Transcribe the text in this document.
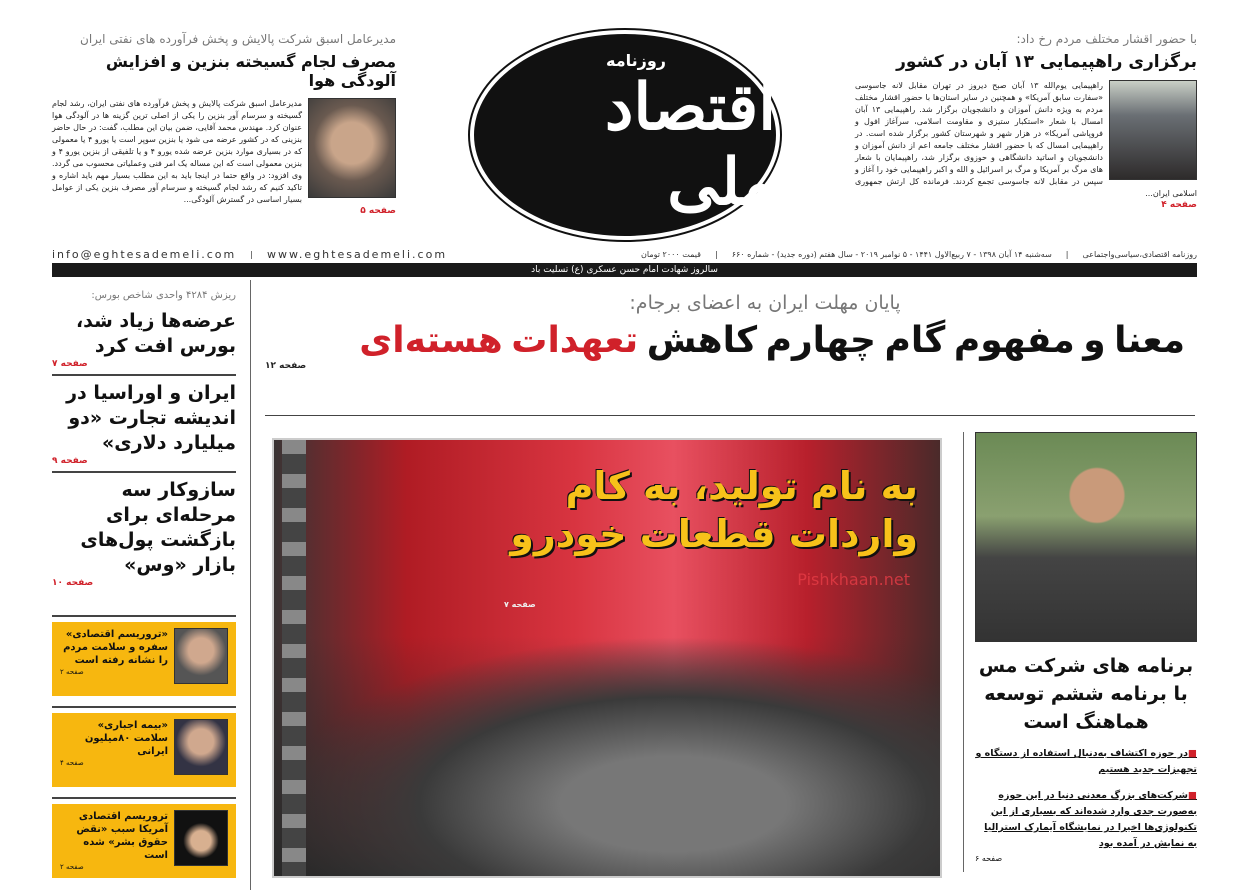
روزنامه
اقتصاد ملی
با حضور اقشار مختلف مردم رخ داد:
برگزاری راهپیمایی ۱۳ آبان در کشور
راهپیمایی یوم‌الله ۱۳ آبان صبح دیروز در تهران مقابل لانه جاسوسی «سفارت سابق آمریکا» و همچنین در سایر استان‌ها با حضور اقشار مختلف مردم به ویژه دانش آموزان و دانشجویان برگزار شد. راهپیمایی ۱۳ آبان امسال با شعار «استکبار ستیزی و مقاومت اسلامی، سرآغاز افول و فروپاشی آمریکا» در هزار شهر و شهرستان کشور برگزار شده است. در راهپیمایی امسال که با حضور اقشار مختلف جامعه اعم از دانش آموزان و دانشجویان و اساتید دانشگاهی و حوزوی برگزار شد، راهپیمایان با شعار های مرگ بر آمریکا و مرگ بر اسرائیل و الله و اکبر راهپیمایی خود را آغاز و سپس در مقابل لانه جاسوسی تجمع کردند. فرمانده کل ارتش جمهوری اسلامی ایران...
صفحه ۴
مدیرعامل اسبق شرکت پالایش و پخش فرآورده های نفتی ایران
مصرف لجام گسیخته بنزین و افزایش آلودگی هوا
مدیرعامل اسبق شرکت پالایش و پخش فرآورده های نفتی ایران، رشد لجام گسیخته و سرسام آور بنزین را یکی از اصلی ترین گزینه ها در آلودگی هوا عنوان کرد. مهندس محمد آقایی، ضمن بیان این مطلب، گفت: در حال حاضر بنزینی که در کشور عرضه می شود یا بنزین سوپر است یا یورو ۴ یا معمولی که در بسیاری موارد بنزین عرضه شده یورو ۴ و یا تلفیقی از بنزین یورو ۴ و بنزین معمولی است که این مساله یک امر فنی وعملیاتی محسوب می گردد. وی افزود: در واقع حتما در اینجا باید به این مطلب بسیار مهم باید اشاره و تاکید کنیم که رشد لجام گسیخته و سرسام آور مصرف بنزین یکی از عوامل بسیار اساسی در گسترش آلودگی...
صفحه ۵
روزنامه اقتصادی،سیاسی‌واجتماعی
|
سه‌شنبه ۱۴ آبان ۱۳۹۸ - ۷ ربیع‌الاول ۱۴۴۱ - ۵ نوامبر ۲۰۱۹ - سال هفتم (دوره جدید) - شماره ۶۶۰
|
قیمت ۲۰۰۰ تومان
www.eghtesademeli.com
|
info@eghtesademeli.com
سالروز شهادت امام حسن عسکری (ع) تسلیت باد
پایان مهلت ایران به اعضای برجام:
معنا و مفهوم گام چهارم کاهش تعهدات هسته‌ای
صفحه ۱۲
به نام تولید، به کام
واردات قطعات خودرو
Pishkhaan.net
صفحه ۷
برنامه های شرکت مس با برنامه ششم توسعه هماهنگ است
■در حوزه اکتشاف به‌دنبال استفاده از دستگاه و تجهیزات جدید هستیم
■شرکت‌های بزرگ معدنی دنیا در این حوزه به‌صورت جدی وارد شده‌اند که بسیاری از این تکنولوژی‌ها اخیرا در نمایشگاه آیمارک استرالیا به نمایش در آمده بود
صفحه ۶
ریزش ۴۲۸۴ واحدی شاخص بورس:
عرضه‌ها زیاد شد، بورس افت کرد
صفحه ۷
ایران و اوراسیا در اندیشه تجارت «دو میلیارد دلاری»
صفحه ۹
سازوکار سه مرحله‌ای برای بازگشت پول‌های بازار «وس»
صفحه ۱۰
«تروریسم اقتصادی» سفره و سلامت مردم را نشانه رفته است
صفحه ۲
«بیمه اجباری» سلامت ۸۰میلیون ایرانی
صفحه ۴
تروریسم اقتصادی آمریکا سبب «نقض حقوق بشر» شده است
صفحه ۲
